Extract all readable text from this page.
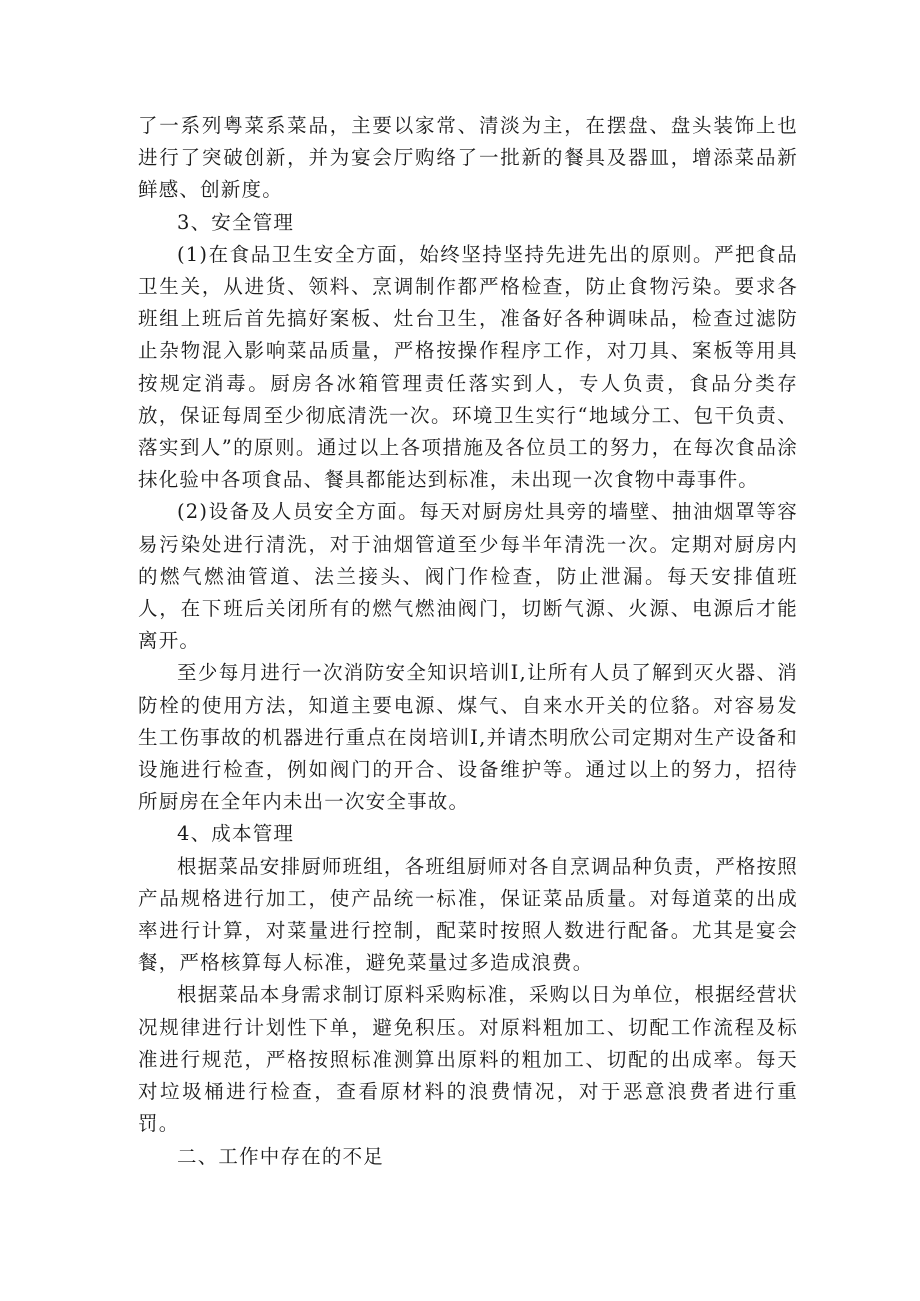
了一系列粤菜系菜品，主要以家常、清淡为主，在摆盘、盘头装饰上也进行了突破创新，并为宴会厅购络了一批新的餐具及器皿，增添菜品新鲜感、创新度。

3、安全管理

(1)在食品卫生安全方面，始终坚持坚持先进先出的原则。严把食品卫生关，从进货、领料、烹调制作都严格检查，防止食物污染。要求各班组上班后首先搞好案板、灶台卫生，准备好各种调味品，检查过滤防止杂物混入影响菜品质量，严格按操作程序工作，对刀具、案板等用具按规定消毒。厨房各冰箱管理责任落实到人，专人负责，食品分类存放，保证每周至少彻底清洗一次。环境卫生实行“地域分工、包干负责、落实到人”的原则。通过以上各项措施及各位员工的努力，在每次食品涂抹化验中各项食品、餐具都能达到标准，未出现一次食物中毒事件。

(2)设备及人员安全方面。每天对厨房灶具旁的墙壁、抽油烟罩等容易污染处进行清洗，对于油烟管道至少每半年清洗一次。定期对厨房内的燃气燃油管道、法兰接头、阀门作检查，防止泄漏。每天安排值班人，在下班后关闭所有的燃气燃油阀门，切断气源、火源、电源后才能离开。

至少每月进行一次消防安全知识培训I,让所有人员了解到灭火器、消防栓的使用方法，知道主要电源、煤气、自来水开关的位貉。对容易发生工伤事故的机器进行重点在岗培训I,并请杰明欣公司定期对生产设备和设施进行检查，例如阀门的开合、设备维护等。通过以上的努力，招待所厨房在全年内未出一次安全事故。

4、成本管理

根据菜品安排厨师班组，各班组厨师对各自烹调品种负责，严格按照产品规格进行加工，使产品统一标准，保证菜品质量。对每道菜的出成率进行计算，对菜量进行控制，配菜时按照人数进行配备。尤其是宴会餐，严格核算每人标准，避免菜量过多造成浪费。

根据菜品本身需求制订原料采购标准，采购以日为单位，根据经营状况规律进行计划性下单，避免积压。对原料粗加工、切配工作流程及标准进行规范，严格按照标准测算出原料的粗加工、切配的出成率。每天对垃圾桶进行检查，查看原材料的浪费情况，对于恶意浪费者进行重罚。

二、工作中存在的不足
